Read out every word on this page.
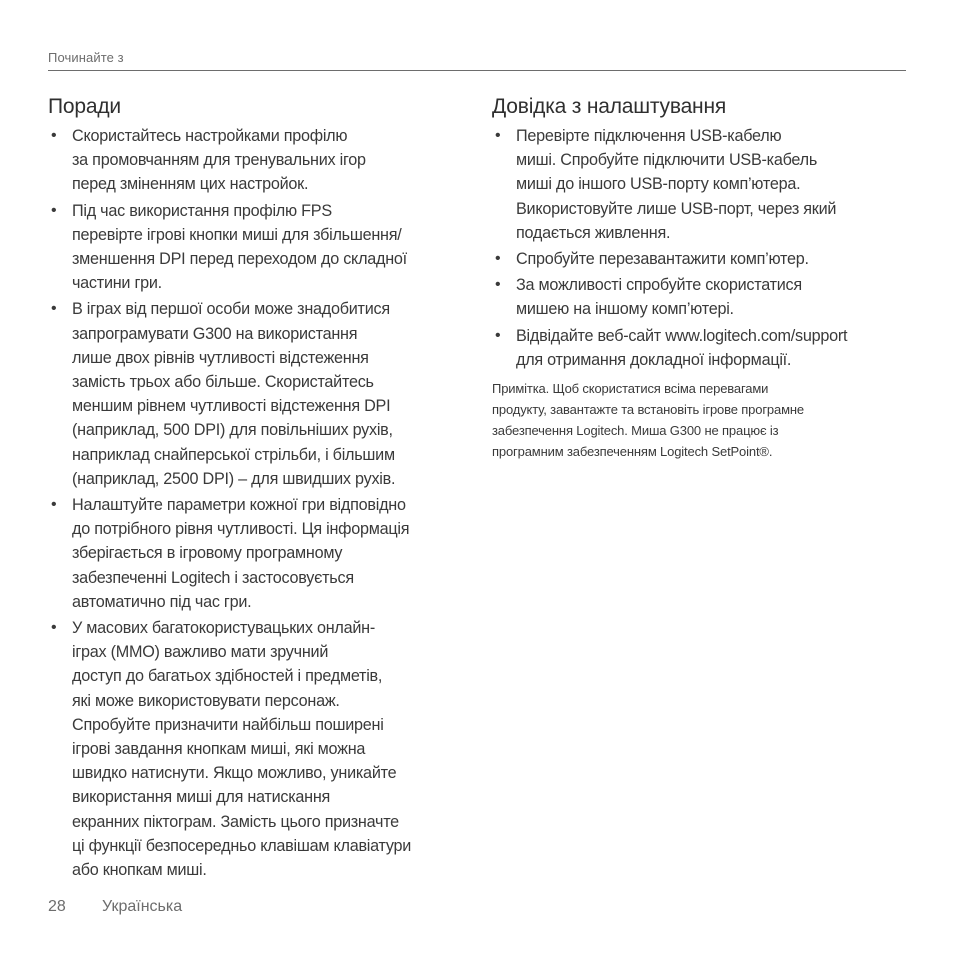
Починайте з
Поради
• Скористайтесь настройками профілю
за промовчанням для тренувальних ігор
перед зміненням цих настройок.
• Під час використання профілю FPS
перевірте ігрові кнопки миші для збільшення/
зменшення DPI перед переходом до складної
частини гри.
• В іграх від першої особи може знадобитися
запрограмувати G300 на використання
лише двох рівнів чутливості відстеження
замість трьох або більше. Скористайтесь
меншим рівнем чутливості відстеження DPI
(наприклад, 500 DPI) для повільніших рухів,
наприклад снайперської стрільби, і більшим
(наприклад, 2500 DPI) – для швидших рухів.
• Налаштуйте параметри кожної гри відповідно
до потрібного рівня чутливості. Ця інформація
зберігається в ігровому програмному
забезпеченні Logitech і застосовується
автоматично під час гри.
• У масових багатокористувацьких онлайн-
іграх (MMO) важливо мати зручний
доступ до багатьох здібностей і предметів,
які може використовувати персонаж.
Спробуйте призначити найбільш поширені
ігрові завдання кнопкам миші, які можна
швидко натиснути. Якщо можливо, уникайте
використання миші для натискання
екранних піктограм. Замість цього призначте
ці функції безпосередньо клавішам клавіатури
або кнопкам миші.
Довідка з налаштування
• Перевірте підключення USB-кабелю
миші. Спробуйте підключити USB-кабель
миші до іншого USB-порту комп’ютера.
Використовуйте лише USB-порт, через який
подається живлення.
• Спробуйте перезавантажити комп’ютер.
• За можливості спробуйте скористатися
мишею на іншому комп’ютері.
• Відвідайте веб-сайт www.logitech.com/support
для отримання докладної інформації.
Примітка. Щоб скористатися всіма перевагами
продукту, завантажте та встановіть ігрове програмне
забезпечення Logitech. Миша G300 не працює із
програмним забезпеченням Logitech SetPoint®.
28 Українська
